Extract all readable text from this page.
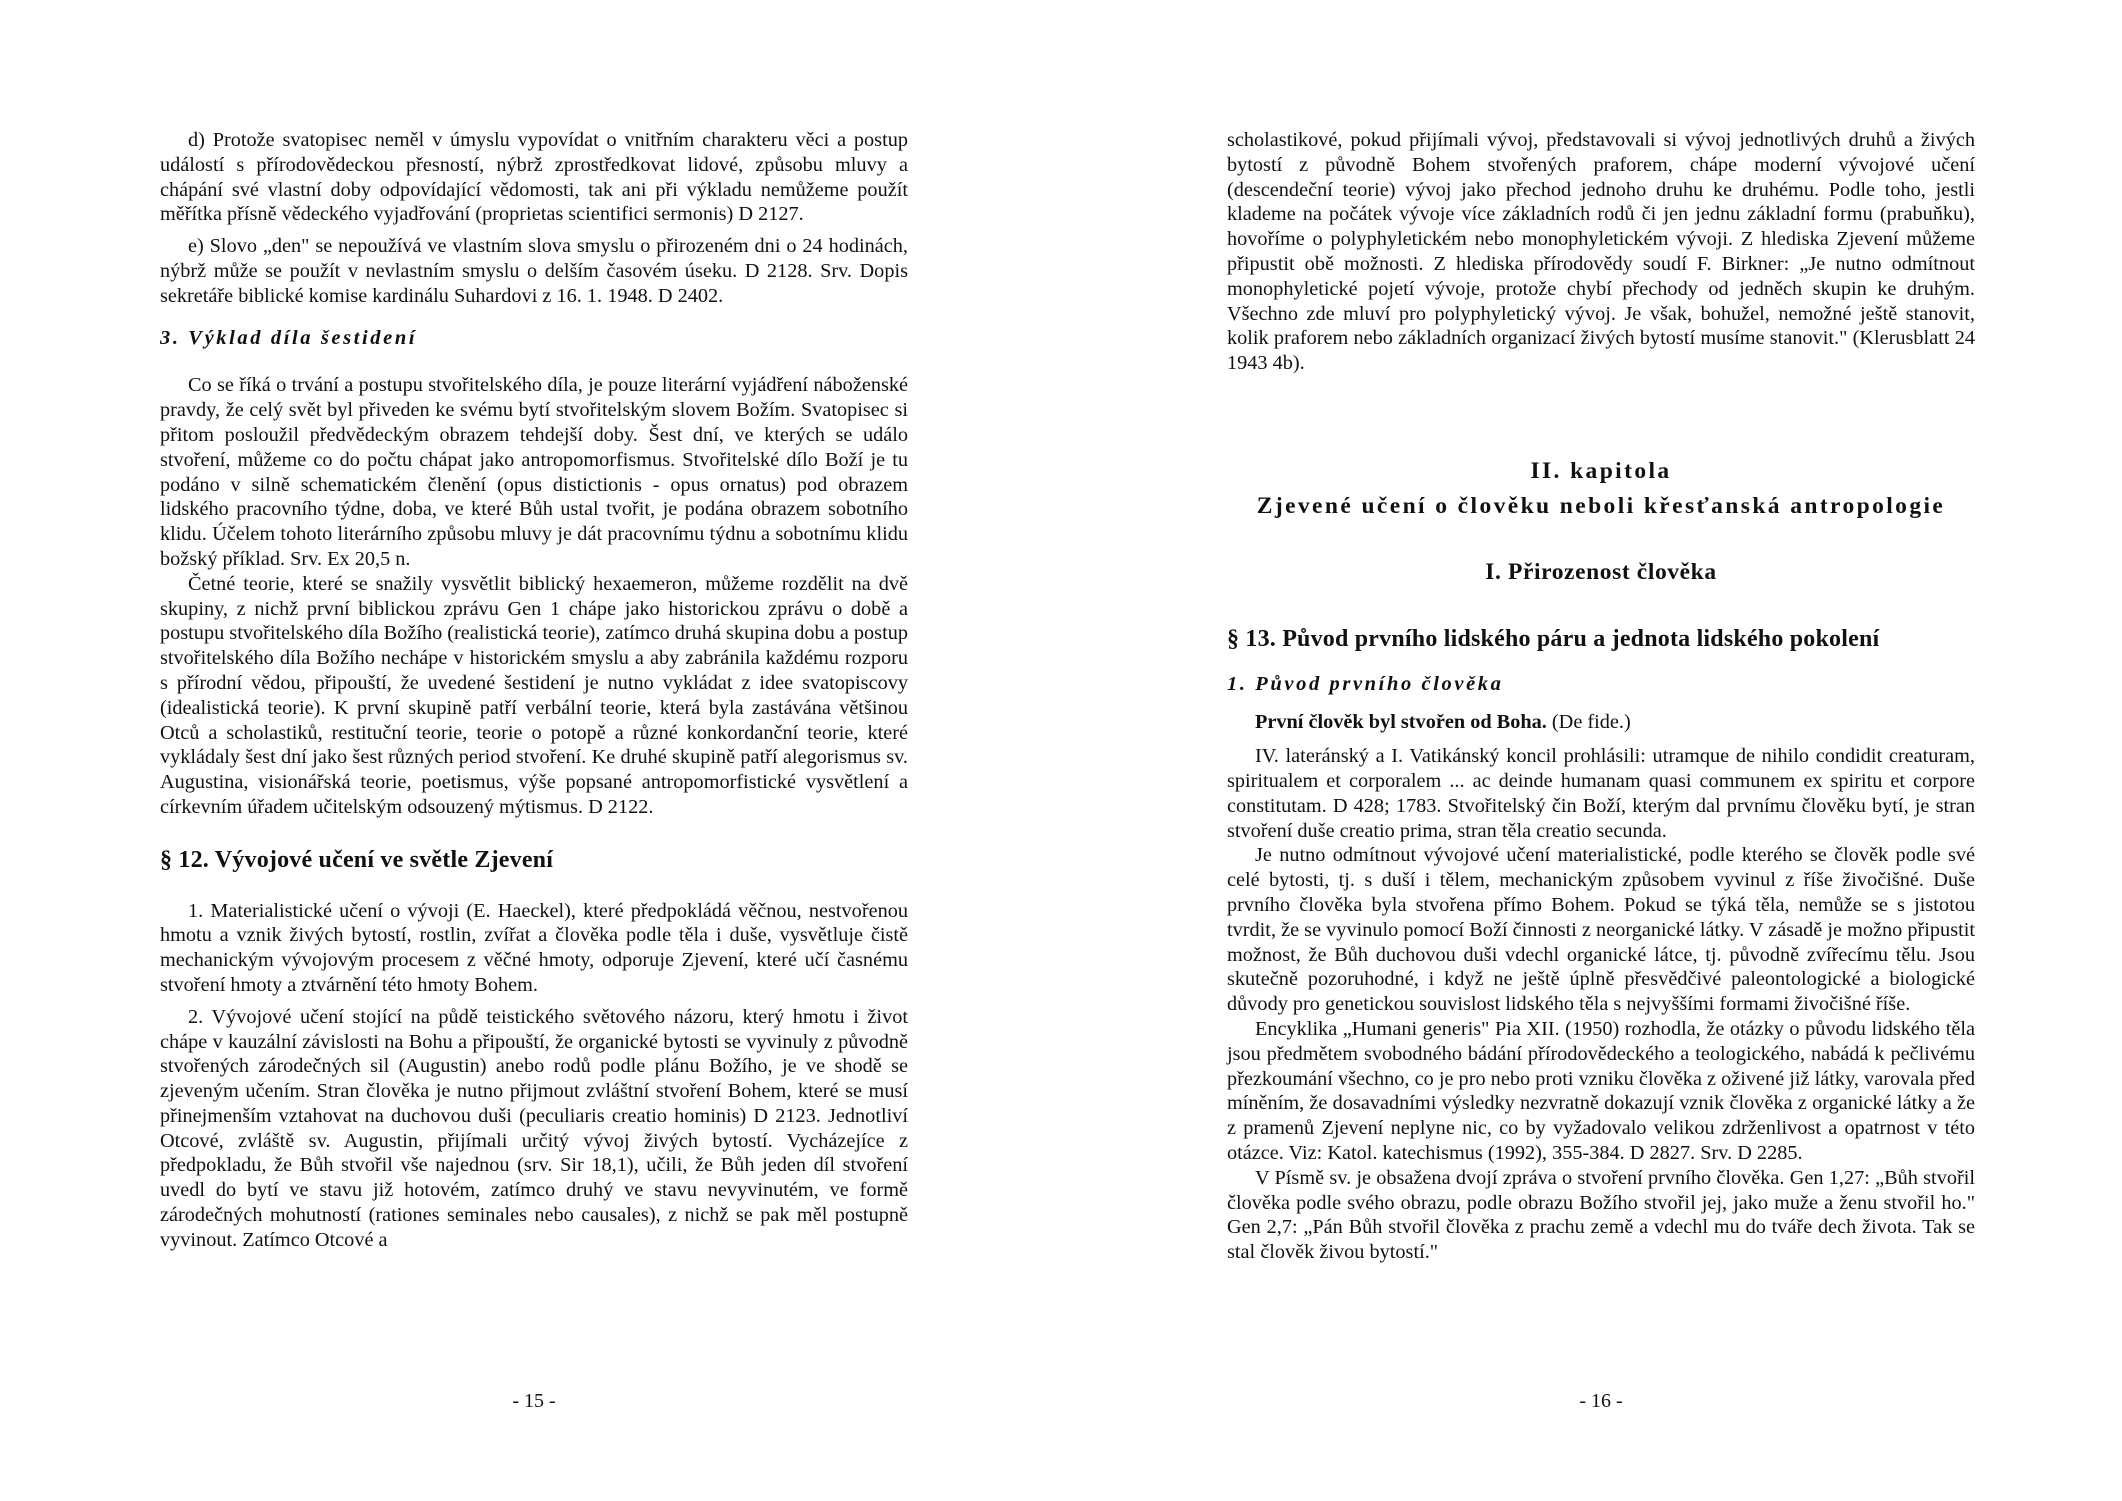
d) Protože svatopisec neměl v úmyslu vypovídat o vnitřním charakteru věci a postup událostí s přírodovědeckou přesností, nýbrž zprostředkovat lidové, způsobu mluvy a chápání své vlastní doby odpovídající vědomosti, tak ani při výkladu nemůžeme použít měřítka přísně vědeckého vyjadřování (proprietas scientifici sermonis) D 2127.

e) Slovo „den" se nepoužívá ve vlastním slova smyslu o přirozeném dni o 24 hodinách, nýbrž může se použít v nevlastním smyslu o delším časovém úseku. D 2128. Srv. Dopis sekretáře biblické komise kardinálu Suhardovi z 16. 1. 1948. D 2402.

3. Výklad díla šestidení

Co se říká o trvání a postupu stvořitelského díla, je pouze literární vyjádření náboženské pravdy, že celý svět byl přiveden ke svému bytí stvořitelským slovem Božím. Svatopisec si přitom posloužil předvědeckým obrazem tehdejší doby. Šest dní, ve kterých se událo stvoření, můžeme co do počtu chápat jako antropomorfismus. Stvořitelské dílo Boží je tu podáno v silně schematickém členění (opus distictionis - opus ornatus) pod obrazem lidského pracovního týdne, doba, ve které Bůh ustal tvořit, je podána obrazem sobotního klidu. Účelem tohoto literárního způsobu mluvy je dát pracovnímu týdnu a sobotnímu klidu božský příklad. Srv. Ex 20,5 n.

Četné teorie, které se snažily vysvětlit biblický hexaemeron, můžeme rozdělit na dvě skupiny, z nichž první biblickou zprávu Gen 1 chápe jako historickou zprávu o době a postupu stvořitelského díla Božího (realistická teorie), zatímco druhá skupina dobu a postup stvořitelského díla Božího nechápe v historickém smyslu a aby zabránila každému rozporu s přírodní vědou, připouští, že uvedené šestidení je nutno vykládat z idee svatopiscovy (idealistická teorie). K první skupině patří verbální teorie, která byla zastávána většinou Otců a scholastiků, restituční teorie, teorie o potopě a různé konkordanční teorie, které vykládaly šest dní jako šest různých period stvoření. Ke druhé skupině patří alegorismus sv. Augustina, visionářská teorie, poetismus, výše popsané antropomorfistické vysvětlení a církevním úřadem učitelským odsouzený mýtismus. D 2122.

§ 12. Vývojové učení ve světle Zjevení

1. Materialistické učení o vývoji (E. Haeckel), které předpokládá věčnou, nestvořenou hmotu a vznik živých bytostí, rostlin, zvířat a člověka podle těla i duše, vysvětluje čistě mechanickým vývojovým procesem z věčné hmoty, odporuje Zjevení, které učí časnému stvoření hmoty a ztvárnění této hmoty Bohem.

2. Vývojové učení stojící na půdě teistického světového názoru, který hmotu i život chápe v kauzální závislosti na Bohu a připouští, že organické bytosti se vyvinuly z původně stvořených zárodečných sil (Augustin) anebo rodů podle plánu Božího, je ve shodě se zjeveným učením. Stran člověka je nutno přijmout zvláštní stvoření Bohem, které se musí přinejmenším vztahovat na duchovou duši (peculiaris creatio hominis) D 2123. Jednotliví Otcové, zvláště sv. Augustin, přijímali určitý vývoj živých bytostí. Vycházejíce z předpokladu, že Bůh stvořil vše najednou (srv. Sir 18,1), učili, že Bůh jeden díl stvoření uvedl do bytí ve stavu již hotovém, zatímco druhý ve stavu nevyvinutém, ve formě zárodečných mohutností (rationes seminales nebo causales), z nichž se pak měl postupně vyvinout. Zatímco Otcové a

- 15 -

scholastikové, pokud přijímali vývoj, představovali si vývoj jednotlivých druhů a živých bytostí z původně Bohem stvořených praforem, chápe moderní vývojové učení (descendeční teorie) vývoj jako přechod jednoho druhu ke druhému. Podle toho, jestli klademe na počátek vývoje více základních rodů či jen jednu základní formu (prabuňku), hovoříme o polyphyletickém nebo monophyletickém vývoji. Z hlediska Zjevení můžeme připustit obě možnosti. Z hlediska přírodovědy soudí F. Birkner: „Je nutno odmítnout monophyletické pojetí vývoje, protože chybí přechody od jedněch skupin ke druhým. Všechno zde mluví pro polyphyletický vývoj. Je však, bohužel, nemožné ještě stanovit, kolik praforem nebo základních organizací živých bytostí musíme stanovit." (Klerusblatt 24 1943 4b).

II. kapitola
Zjevené učení o člověku neboli křesťanská antropologie
I. Přirozenost člověka
§ 13. Původ prvního lidského páru a jednota lidského pokolení
1. Původ prvního člověka

První člověk byl stvořen od Boha. (De fide.)

IV. lateránský a I. Vatikánský koncil prohlásili: utramque de nihilo condidit creaturam, spiritualem et corporalem ... ac deinde humanam quasi communem ex spiritu et corpore constitutam. D 428; 1783. Stvořitelský čin Boží, kterým dal prvnímu člověku bytí, je stran stvoření duše creatio prima, stran těla creatio secunda.

Je nutno odmítnout vývojové učení materialistické, podle kterého se člověk podle své celé bytosti, tj. s duší i tělem, mechanickým způsobem vyvinul z říše živočišné. Duše prvního člověka byla stvořena přímo Bohem. Pokud se týká těla, nemůže se s jistotou tvrdit, že se vyvinulo pomocí Boží činnosti z neorganické látky. V zásadě je možno připustit možnost, že Bůh duchovou duši vdechl organické látce, tj. původně zvířecímu tělu. Jsou skutečně pozoruhodné, i když ne ještě úplně přesvědčivé paleontologické a biologické důvody pro genetickou souvislost lidského těla s nejvyššími formami živočišné říše.

Encyklika „Humani generis" Pia XII. (1950) rozhodla, že otázky o původu lidského těla jsou předmětem svobodného bádání přírodovědeckého a teologického, nabádá k pečlivému přezkoumání všechno, co je pro nebo proti vzniku člověka z oživené již látky, varovala před míněním, že dosavadními výsledky nezvratně dokazují vznik člověka z organické látky a že z pramenů Zjevení neplyne nic, co by vyžadovalo velikou zdrženlivost a opatrnost v této otázce. Viz: Katol. katechismus (1992), 355-384. D 2827. Srv. D 2285.

V Písmě sv. je obsažena dvojí zpráva o stvoření prvního člověka. Gen 1,27: „Bůh stvořil člověka podle svého obrazu, podle obrazu Božího stvořil jej, jako muže a ženu stvořil ho." Gen 2,7: „Pán Bůh stvořil člověka z prachu země a vdechl mu do tváře dech života. Tak se stal člověk živou bytostí."

- 16 -
